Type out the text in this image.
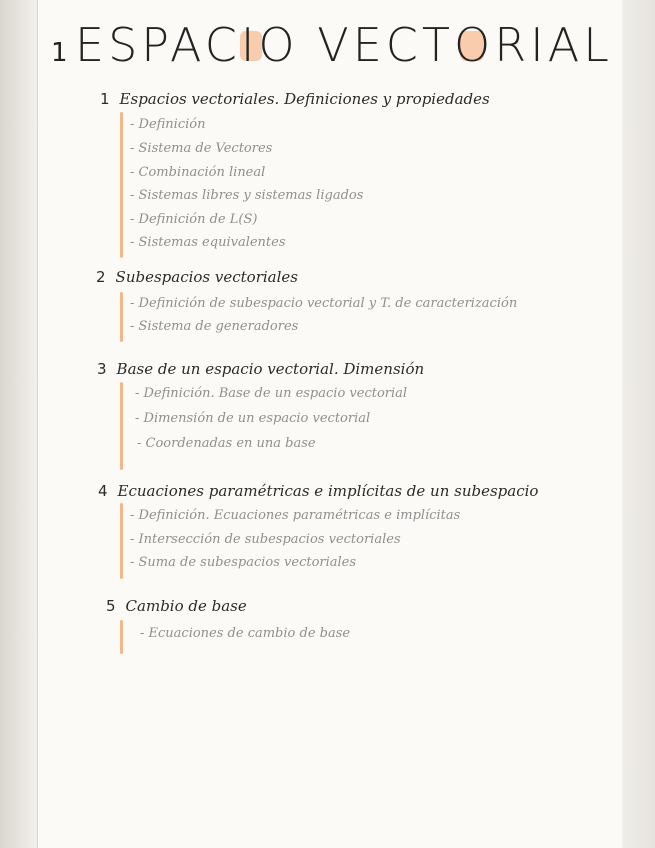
1 ESPACIO VECTORIAL
1 Espacios vectoriales. Definiciones y propiedades
- Definición
- Sistema de Vectores
- Combinación lineal
- Sistemas libres y sistemas ligados
- Definición de L(S)
- Sistemas equivalentes
2 Subespacios vectoriales
- Definición de subespacio vectorial y T. de caracterización
- Sistema de generadores
3 Base de un espacio vectorial. Dimensión
- Definición. Base de un espacio vectorial
- Dimensión de un espacio vectorial
- Coordenadas en una base
4 Ecuaciones paramétricas e implícitas de un subespacio
- Definición. Ecuaciones paramétricas e implícitas
- Intersección de subespacios vectoriales
- Suma de subespacios vectoriales
5 Cambio de base
- Ecuaciones de cambio de base
